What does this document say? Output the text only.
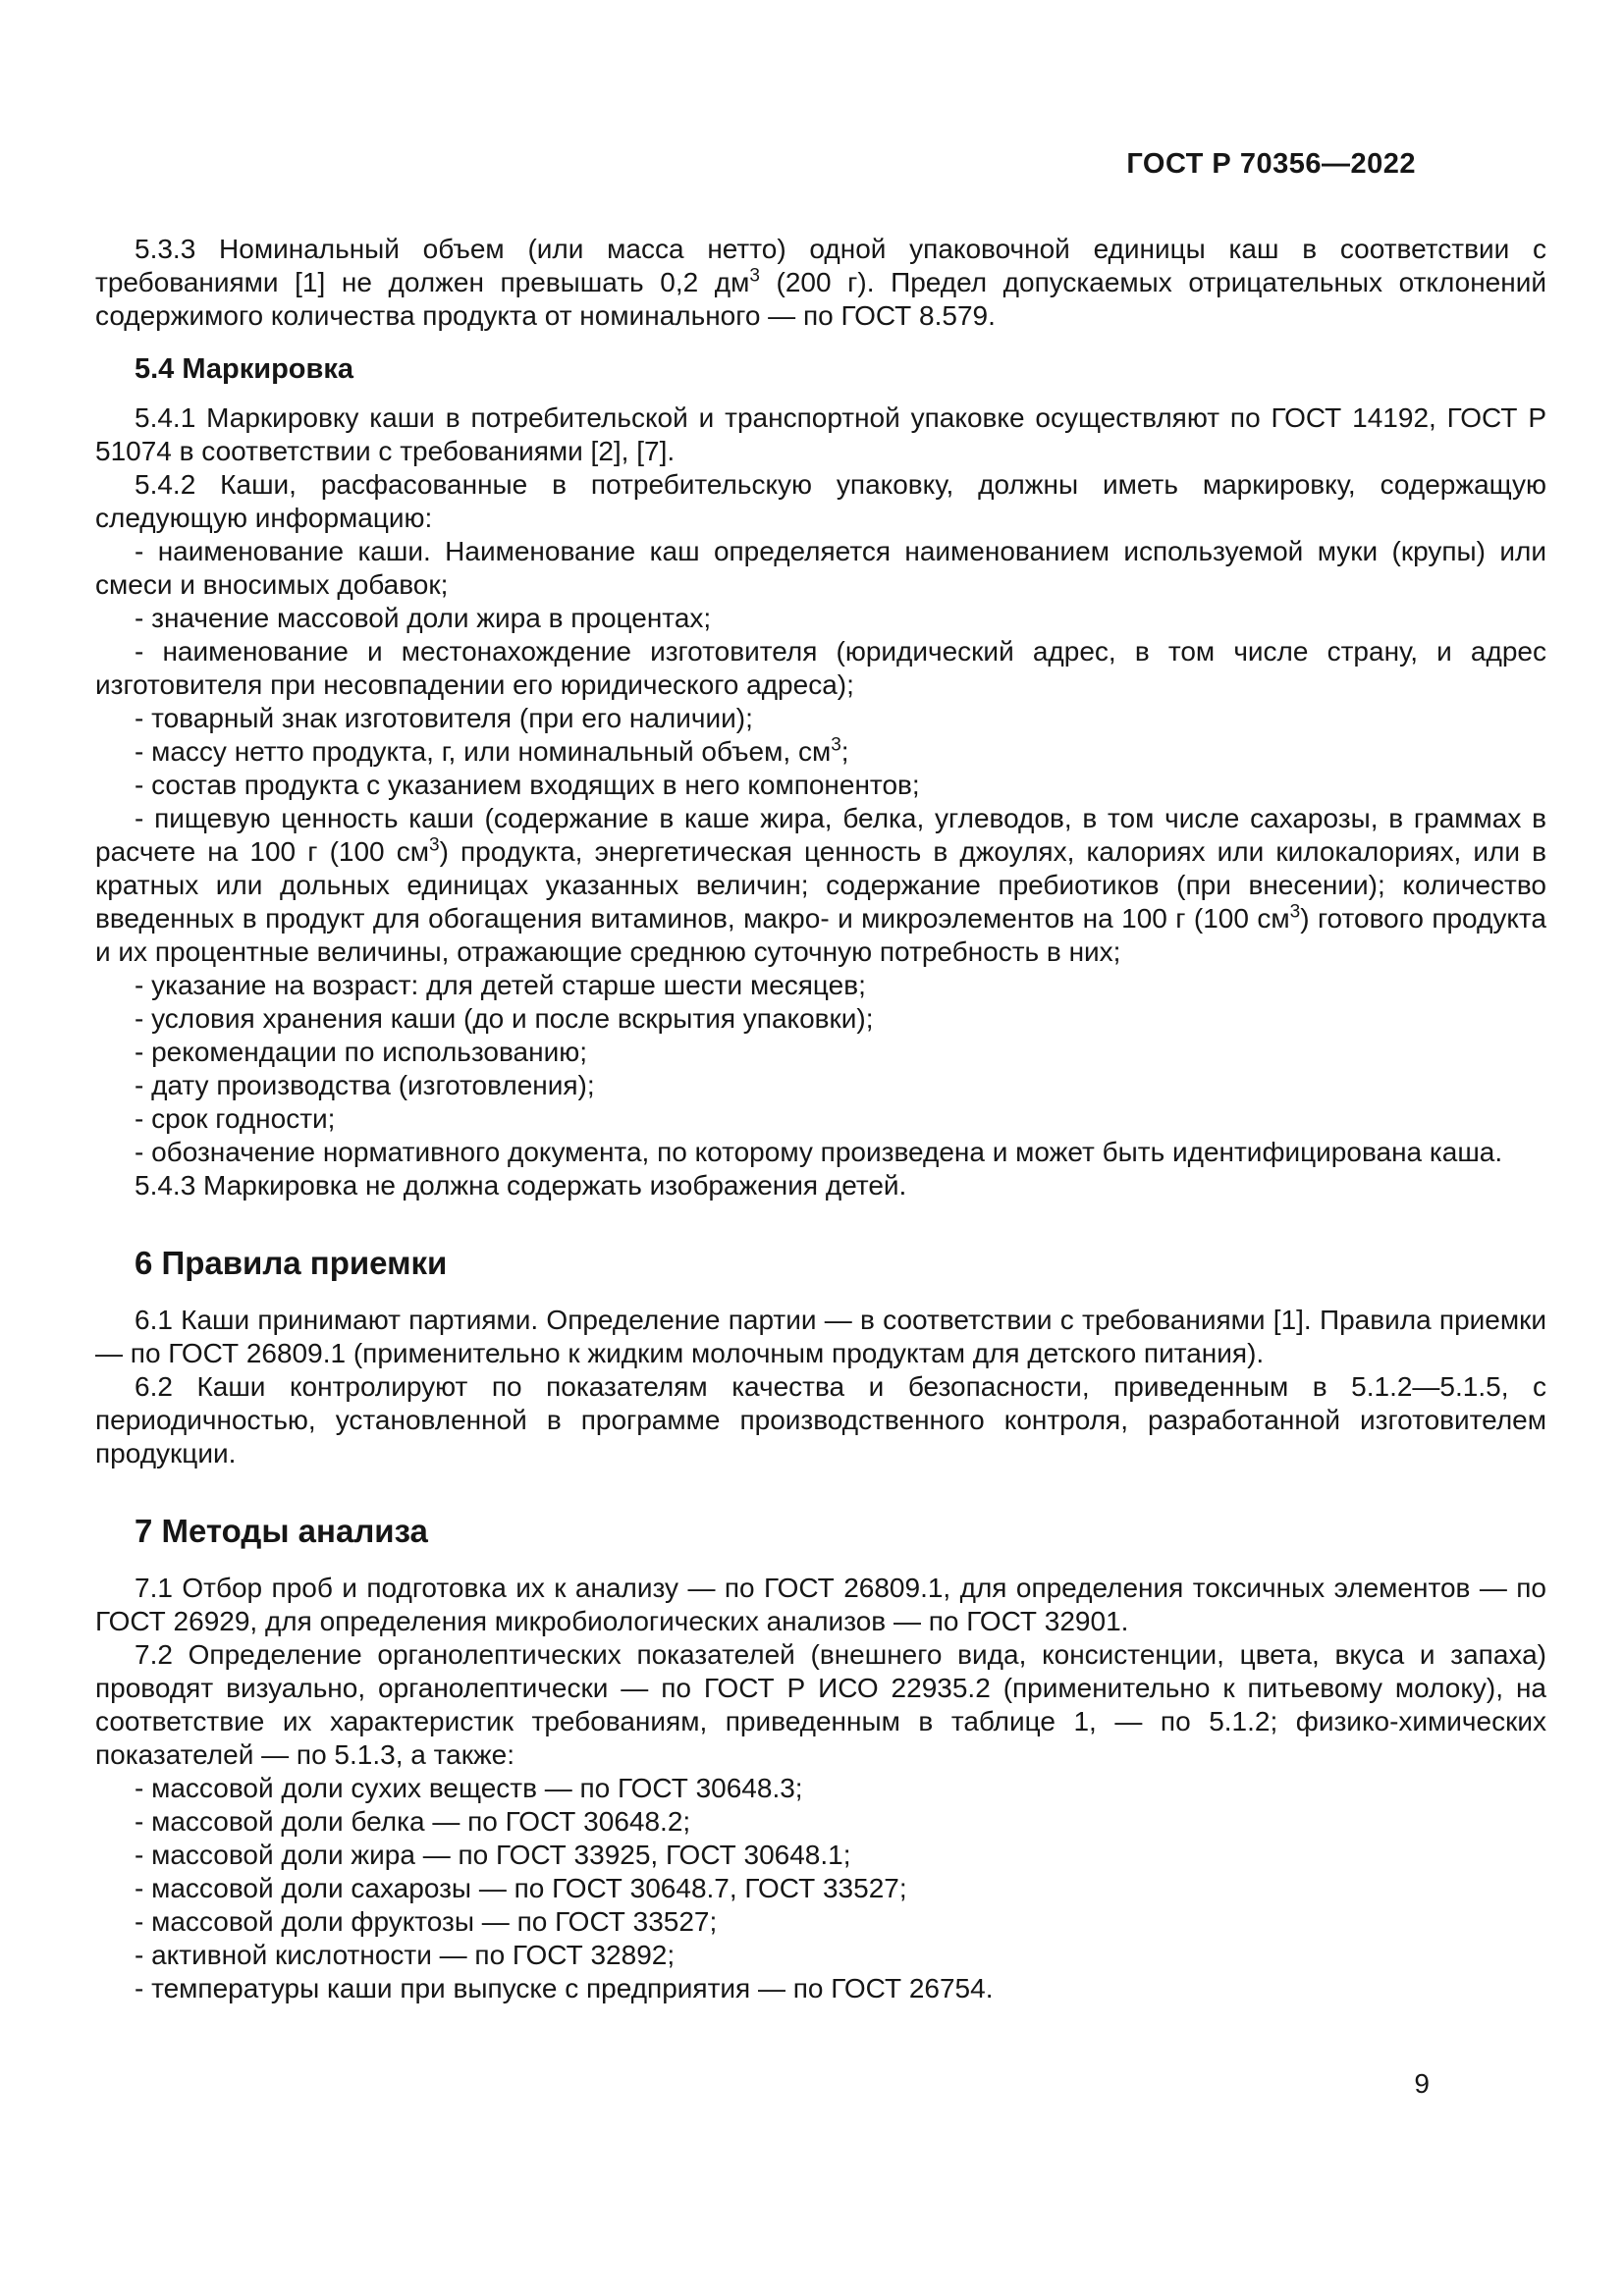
ГОСТ Р 70356—2022

5.3.3 Номинальный объем (или масса нетто) одной упаковочной единицы каш в соответствии с требованиями [1] не должен превышать 0,2 $дм^3$ (200 г). Предел допускаемых отрицательных отклонений содержимого количества продукта от номинального — по ГОСТ 8.579.

5.4 Маркировка

5.4.1 Маркировку каши в потребительской и транспортной упаковке осуществляют по ГОСТ 14192, ГОСТ Р 51074 в соответствии с требованиями [2], [7].

5.4.2 Каши, расфасованные в потребительскую упаковку, должны иметь маркировку, содержащую следующую информацию:

- наименование каши. Наименование каш определяется наименованием используемой муки (крупы) или смеси и вносимых добавок;

- значение массовой доли жира в процентах;

- наименование и местонахождение изготовителя (юридический адрес, в том числе страну, и адрес изготовителя при несовпадении его юридического адреса);

- товарный знак изготовителя (при его наличии);

- массу нетто продукта, г, или номинальный объем, $см^3$;

- состав продукта с указанием входящих в него компонентов;

- пищевую ценность каши (содержание в каше жира, белка, углеводов, в том числе сахарозы, в граммах в расчете на 100 г (100 $см^3$) продукта, энергетическая ценность в джоулях, калориях или килокалориях, или в кратных или дольных единицах указанных величин; содержание пребиотиков (при внесении); количество введенных в продукт для обогащения витаминов, макро- и микроэлементов на 100 г (100 $см^3$) готового продукта и их процентные величины, отражающие среднюю суточную потребность в них;

- указание на возраст: для детей старше шести месяцев;

- условия хранения каши (до и после вскрытия упаковки);

- рекомендации по использованию;

- дату производства (изготовления);

- срок годности;

- обозначение нормативного документа, по которому произведена и может быть идентифицирована каша.

5.4.3 Маркировка не должна содержать изображения детей.

6 Правила приемки

6.1 Каши принимают партиями. Определение партии — в соответствии с требованиями [1]. Правила приемки — по ГОСТ 26809.1 (применительно к жидким молочным продуктам для детского питания).

6.2 Каши контролируют по показателям качества и безопасности, приведенным в 5.1.2—5.1.5, с периодичностью, установленной в программе производственного контроля, разработанной изготовителем продукции.

7 Методы анализа

7.1 Отбор проб и подготовка их к анализу — по ГОСТ 26809.1, для определения токсичных элементов — по ГОСТ 26929, для определения микробиологических анализов — по ГОСТ 32901.

7.2 Определение органолептических показателей (внешнего вида, консистенции, цвета, вкуса и запаха) проводят визуально, органолептически — по ГОСТ Р ИСО 22935.2 (применительно к питьевому молоку), на соответствие их характеристик требованиям, приведенным в таблице 1, — по 5.1.2; физико-химических показателей — по 5.1.3, а также:

- массовой доли сухих веществ — по ГОСТ 30648.3;

- массовой доли белка — по ГОСТ 30648.2;

- массовой доли жира — по ГОСТ 33925, ГОСТ 30648.1;

- массовой доли сахарозы — по ГОСТ 30648.7, ГОСТ 33527;

- массовой доли фруктозы — по ГОСТ 33527;

- активной кислотности — по ГОСТ 32892;

- температуры каши при выпуске с предприятия — по ГОСТ 26754.

9
